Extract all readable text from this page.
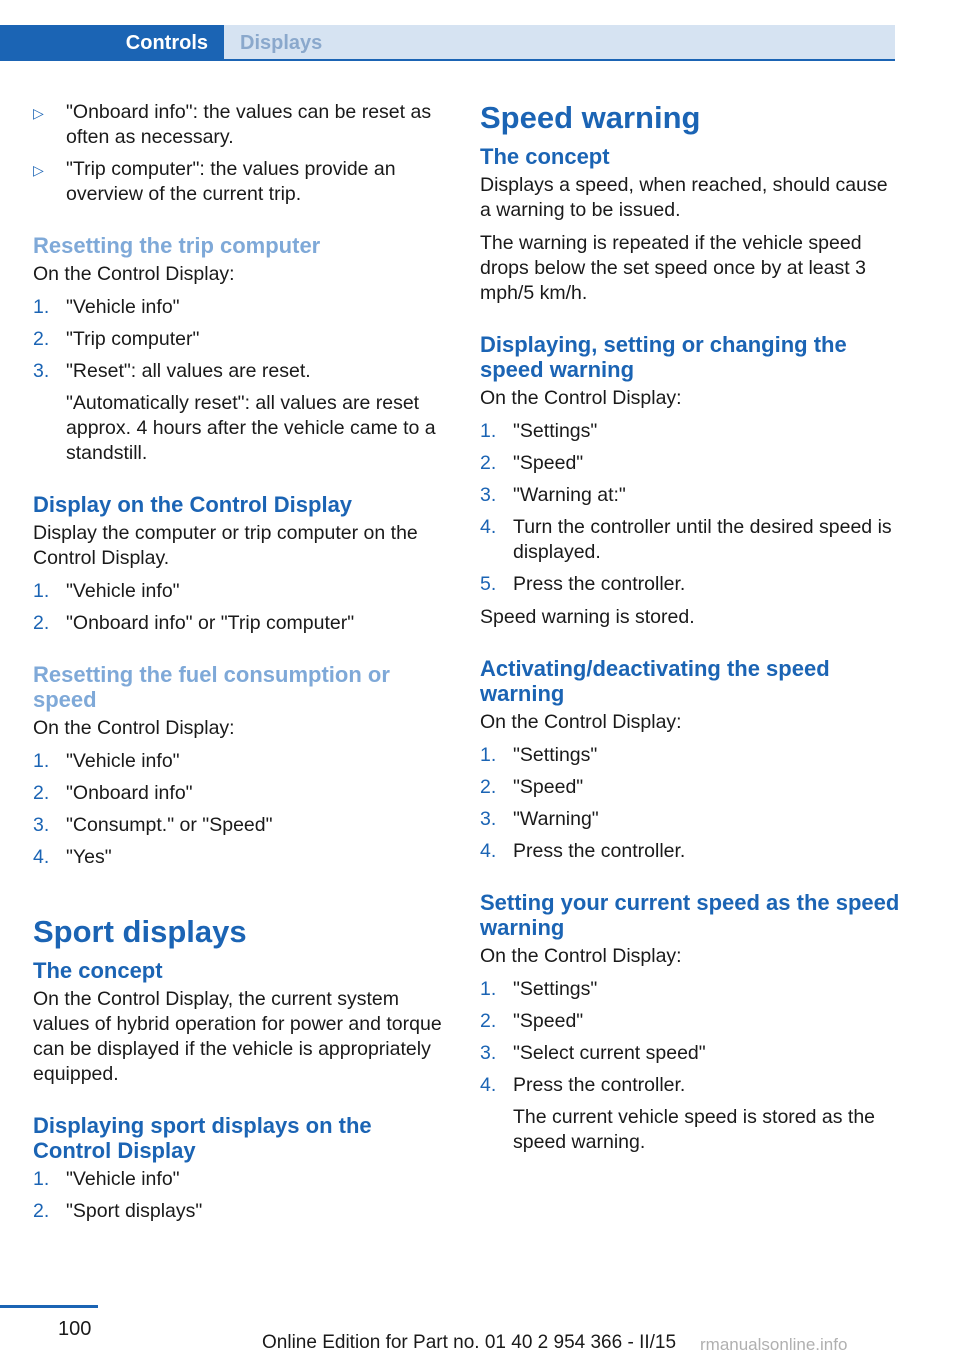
Controls Displays
▷ "Onboard info": the values can be reset as often as necessary.
▷ "Trip computer": the values provide an overview of the current trip.
Resetting the trip computer

On the Control Display:

1. "Vehicle info"
2. "Trip computer"
3. "Reset": all values are reset.
"Automatically reset": all values are reset approx. 4 hours after the vehicle came to a standstill.
Display on the Control Display

Display the computer or trip computer on the Control Display.

1. "Vehicle info"
2. "Onboard info" or "Trip computer"
Resetting the fuel consumption or speed

On the Control Display:

1. "Vehicle info"
2. "Onboard info"
3. "Consumpt." or "Speed"
4. "Yes"
Sport displays
The concept

On the Control Display, the current system values of hybrid operation for power and torque can be displayed if the vehicle is appropriately equipped.

Displaying sport displays on the Control Display
1. "Vehicle info"
2. "Sport displays"
Speed warning
The concept

Displays a speed, when reached, should cause a warning to be issued.

The warning is repeated if the vehicle speed drops below the set speed once by at least 3 mph/5 km/h.

Displaying, setting or changing the speed warning

On the Control Display:

1. "Settings"
2. "Speed"
3. "Warning at:"
4. Turn the controller until the desired speed is displayed.
5. Press the controller.

Speed warning is stored.

Activating/deactivating the speed warning

On the Control Display:

1. "Settings"
2. "Speed"
3. "Warning"
4. Press the controller.
Setting your current speed as the speed warning

On the Control Display:

1. "Settings"
2. "Speed"
3. "Select current speed"
4. Press the controller.
The current vehicle speed is stored as the speed warning.
100
Online Edition for Part no. 01 40 2 954 366 - II/15 rmanualsonline.info
